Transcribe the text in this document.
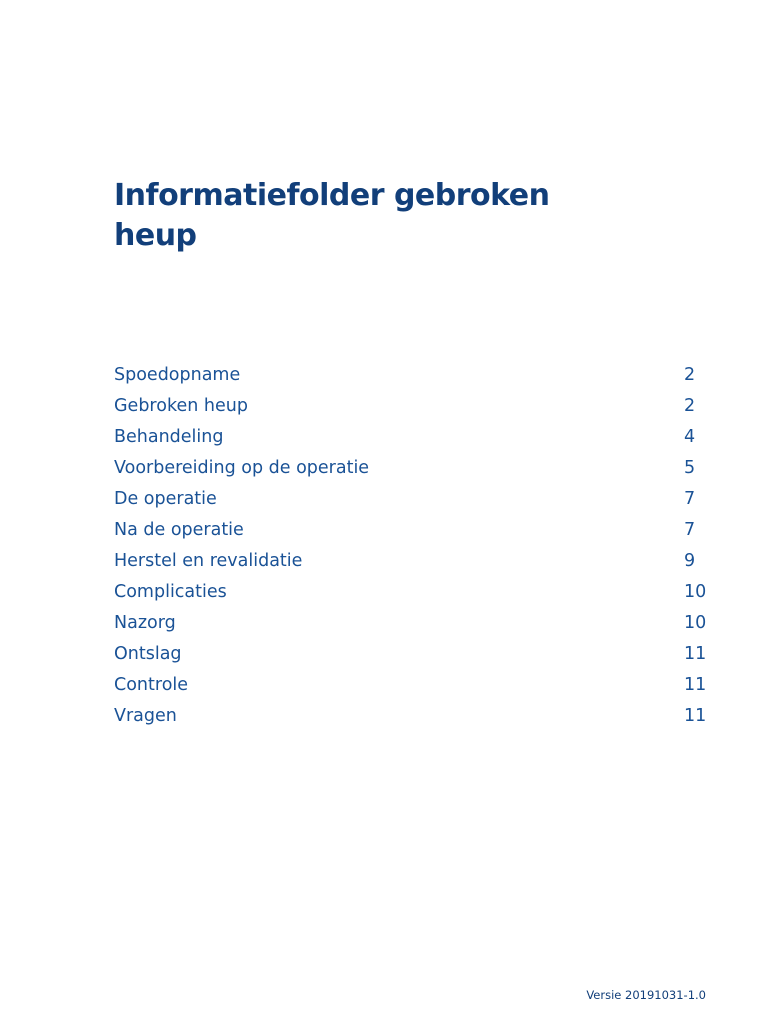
Informatiefolder gebroken heup
Spoedopname	2
Gebroken heup	2
Behandeling	4
Voorbereiding op de operatie	5
De operatie	7
Na de operatie	7
Herstel en revalidatie	9
Complicaties	10
Nazorg	10
Ontslag	11
Controle	11
Vragen	11
Versie 20191031-1.0
